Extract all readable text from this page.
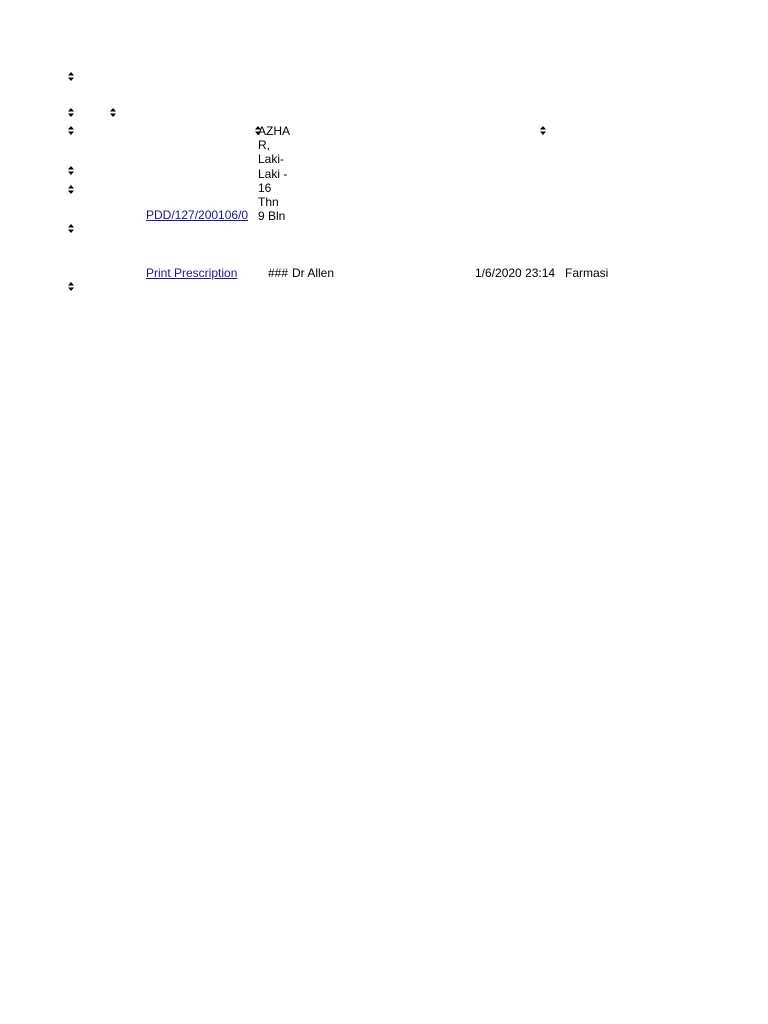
AZHA
R,
Laki-
Laki -
16
Thn
9 Bln
PDD/127/200106/0
Print Prescription	### Dr Allen	1/6/2020 23:14 Farmasi
